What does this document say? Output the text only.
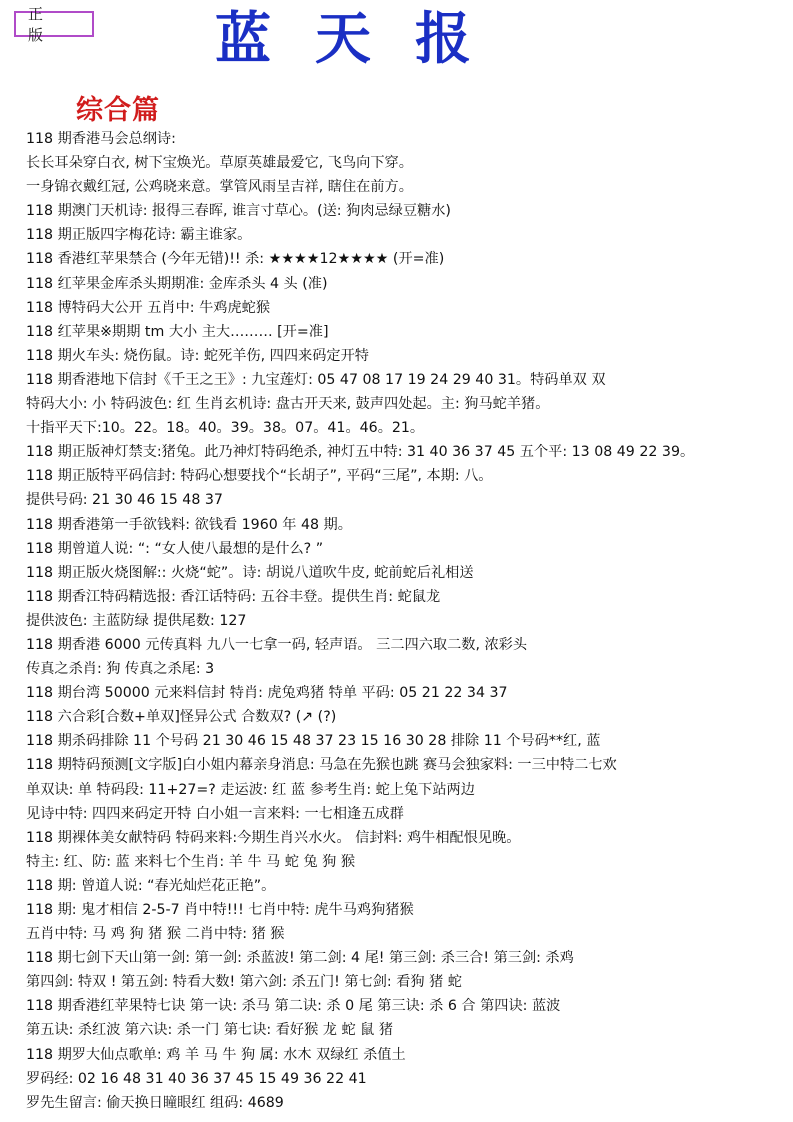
正 版	蓝天报
综合篇
118 期香港马会总纲诗:
长长耳朵穿白衣, 树下宝焕光。草原英雄最爱它, 飞鸟向下穿。
一身锦衣戴红冠, 公鸡晓来意。掌管风雨呈吉祥, 瞎住在前方。
118 期澳门天机诗: 报得三春晖, 谁言寸草心。(送: 狗肉忌绿豆糖水)
118 期正版四字梅花诗: 霸主谁家。
118 香港红苹果禁合 (今年无错)!! 杀: ★★★★12★★★★ (开=准)
118 红苹果金库杀头期期准: 金库杀头 4 头 (准)
118 博特码大公开 五肖中: 牛鸡虎蛇猴
118 红苹果※期期 tm 大小 主大……… [开=准]
118 期火车头: 烧伤鼠。诗: 蛇死羊伤, 四四来码定开特
118 期香港地下信封《千王之王》: 九宝莲灯: 05 47 08 17 19 24 29 40 31。特码单双 双
特码大小: 小 特码波色: 红 生肖玄机诗: 盘古开天来, 鼓声四处起。主: 狗马蛇羊猪。
十指平天下:10。22。18。40。39。38。07。41。46。21。
118 期正版神灯禁支:猪兔。此乃神灯特码绝杀, 神灯五中特: 31 40 36 37 45 五个平: 13 08 49 22 39。
118 期正版特平码信封: 特码心想要找个“长胡子”, 平码“三尾”, 本期: 八。
提供号码: 21 30 46 15 48 37
118 期香港第一手欲钱料: 欲钱看 1960 年 48 期。
118 期曾道人说: “: “女人使八最想的是什么? ”
118 期正版火烧图解:: 火烧“蛇”。诗: 胡说八道吹牛皮, 蛇前蛇后礼相送
118 期香江特码精选报: 香江话特码: 五谷丰登。提供生肖: 蛇鼠龙
提供波色: 主蓝防绿 提供尾数: 127
118 期香港 6000 元传真料 九八一七拿一码, 轻声语。 三二四六取二数, 浓彩头
传真之杀肖: 狗 传真之杀尾: 3
118 期台湾 50000 元来料信封 特肖: 虎兔鸡猪 特单 平码: 05 21 22 34 37
118 六合彩[合数+单双]怪异公式 合数双? (↗ (?)
118 期杀码排除 11 个号码 21 30 46 15 48 37 23 15 16 30 28 排除 11 个号码**红, 蓝
118 期特码预测[文字版]白小姐内幕亲身消息: 马急在先猴也跳 赛马会独家料: 一三中特二七欢
单双诀: 单 特码段: 11+27=? 走运波: 红 蓝 参考生肖: 蛇上兔下站两边
见诗中特: 四四来码定开特 白小姐一言来料: 一七相逢五成群
118 期裸体美女献特码 特码来料:今期生肖兴水火。 信封料: 鸡牛相配恨见晚。
特主: 红、防: 蓝 来料七个生肖: 羊 牛 马 蛇 兔 狗 猴
118 期: 曾道人说: “春光灿烂花正艳”。
118 期: 鬼才相信 2-5-7 肖中特!!! 七肖中特: 虎牛马鸡狗猪猴
五肖中特: 马 鸡 狗 猪 猴 二肖中特: 猪 猴
118 期七剑下天山第一剑: 第一剑: 杀蓝波! 第二剑: 4 尾! 第三剑: 杀三合! 第三剑: 杀鸡
第四剑: 特双 ! 第五剑: 特看大数! 第六剑: 杀五门! 第七剑: 看狗 猪 蛇
118 期香港红苹果特七诀 第一诀: 杀马 第二诀: 杀 0 尾 第三诀: 杀 6 合 第四诀: 蓝波
第五诀: 杀红波 第六诀: 杀一门 第七诀: 看好猴 龙 蛇 鼠 猪
118 期罗大仙点歌单: 鸡 羊 马 牛 狗 属: 水木 双绿红 杀值土
罗码经: 02 16 48 31 40 36 37 45 15 49 36 22 41
罗先生留言: 偷天换日瞳眼红 组码: 4689
